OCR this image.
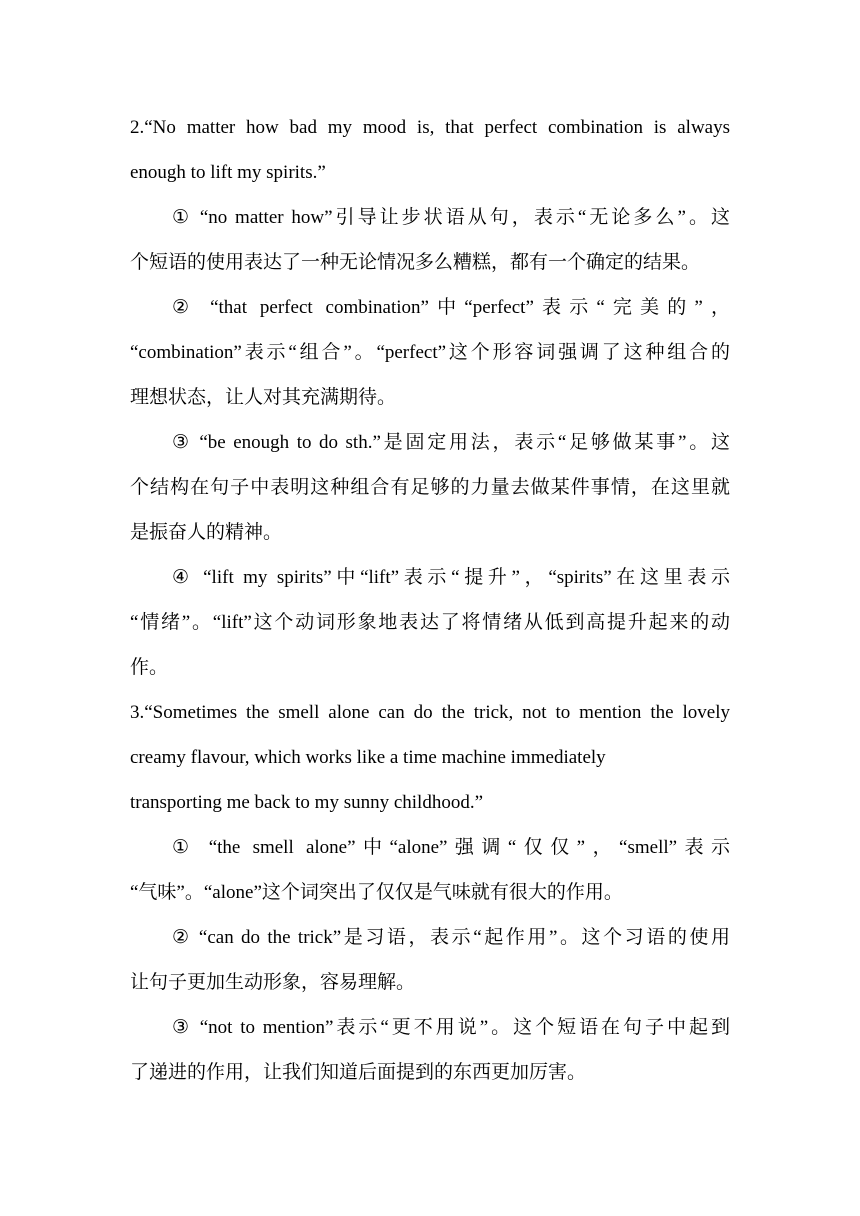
2.“No matter how bad my mood is, that perfect combination is always
enough to lift my spirits.”
① “no matter how”引导让步状语从句，表示“无论多么”。这
个短语的使用表达了一种无论情况多么糟糕，都有一个确定的结果。
② “that perfect combination”中“perfect”表示“完美的”，
“combination”表示“组合”。“perfect”这个形容词强调了这种组合的
理想状态，让人对其充满期待。
③ “be enough to do sth.”是固定用法，表示“足够做某事”。这
个结构在句子中表明这种组合有足够的力量去做某件事情，在这里就
是振奋人的精神。
④ “lift my spirits”中“lift”表示“提升”，“spirits”在这里表示
“情绪”。“lift”这个动词形象地表达了将情绪从低到高提升起来的动
作。
3.“Sometimes the smell alone can do the trick, not to mention the lovely
creamy flavour, which works like a time machine immediately
transporting me back to my sunny childhood.”
① “the smell alone”中“alone”强调“仅仅”，“smell”表示
“气味”。“alone”这个词突出了仅仅是气味就有很大的作用。
② “can do the trick”是习语，表示“起作用”。这个习语的使用
让句子更加生动形象，容易理解。
③ “not to mention”表示“更不用说”。这个短语在句子中起到
了递进的作用，让我们知道后面提到的东西更加厉害。
